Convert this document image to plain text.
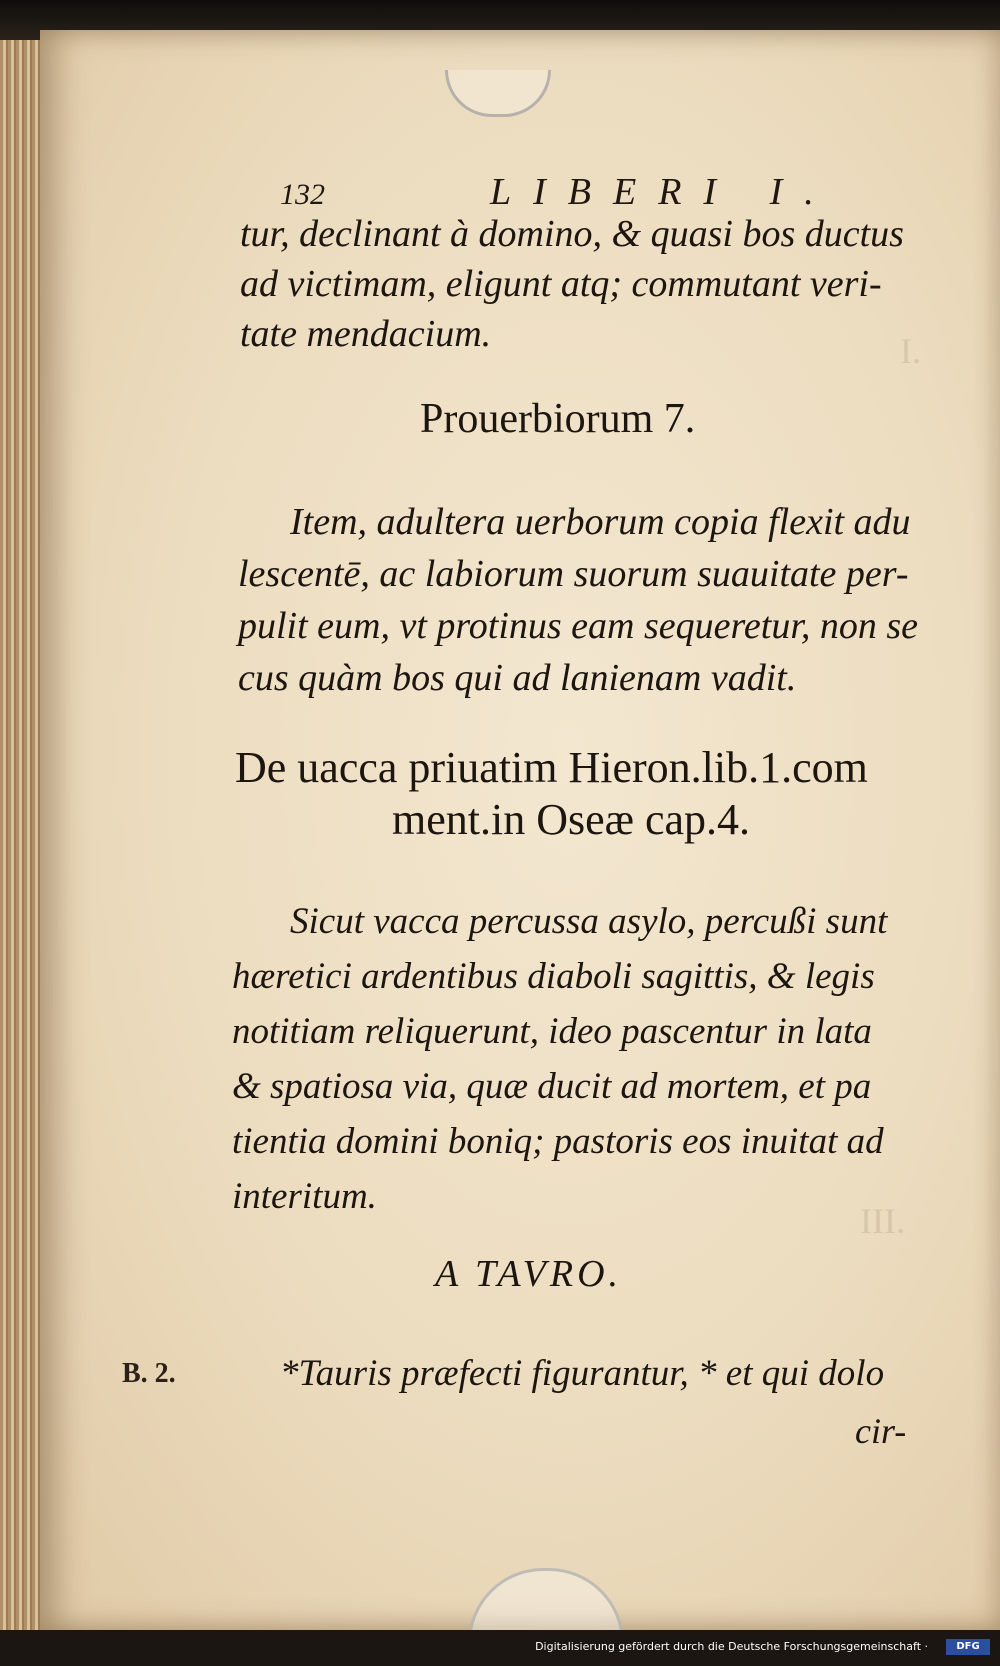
I.
III.
132	LIBERI I.
tur, declinant à domino, & quasi bos ductus
ad victimam, eligunt atq; commutant veri-
tate mendacium.
Prouerbiorum 7.
Item, adultera uerborum copia flexit adu
lescentē, ac labiorum suorum suauitate per-
pulit eum, vt protinus eam sequeretur, non se
cus quàm bos qui ad lanienam vadit.
De uacca priuatim Hieron.lib.1.com
ment.in Oseæ cap.4.
Sicut vacca percussa asylo, percußi sunt
hæretici ardentibus diaboli sagittis, & legis
notitiam reliquerunt, ideo pascentur in lata
& spatiosa via, quæ ducit ad mortem, et pa
tientia domini boniq; pastoris eos inuitat ad
interitum.
A TAVRO.
B. 2.	*Tauris præfecti figurantur, * et qui dolo
cir-
Digitalisierung gefördert durch die Deutsche Forschungsgemeinschaft ·	DFG
